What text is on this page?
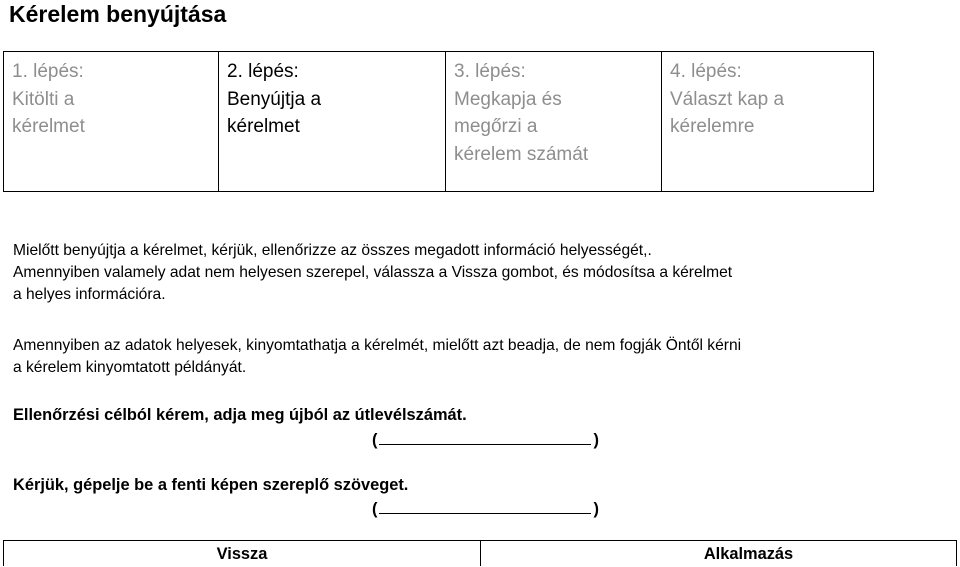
Kérelem benyújtása
1. lépés:
Kitölti a
kérelmet
2. lépés:
Benyújtja a
kérelmet
3. lépés:
Megkapja és
megőrzi a
kérelem számát
4. lépés:
Választ kap a
kérelemre
Mielőtt benyújtja a kérelmet, kérjük, ellenőrizze az összes megadott információ helyességét,.
Amennyiben valamely adat nem helyesen szerepel, válassza a Vissza gombot, és módosítsa a kérelmet
a helyes információra.
Amennyiben az adatok helyesek, kinyomtathatja a kérelmét, mielőtt azt beadja, de nem fogják Öntől kérni
a kérelem kinyomtatott példányát.
Ellenőrzési célból kérem, adja meg újból az útlevélszámát.
(	)
Kérjük, gépelje be a fenti képen szereplő szöveget.
(	)
Vissza	Alkalmazás
